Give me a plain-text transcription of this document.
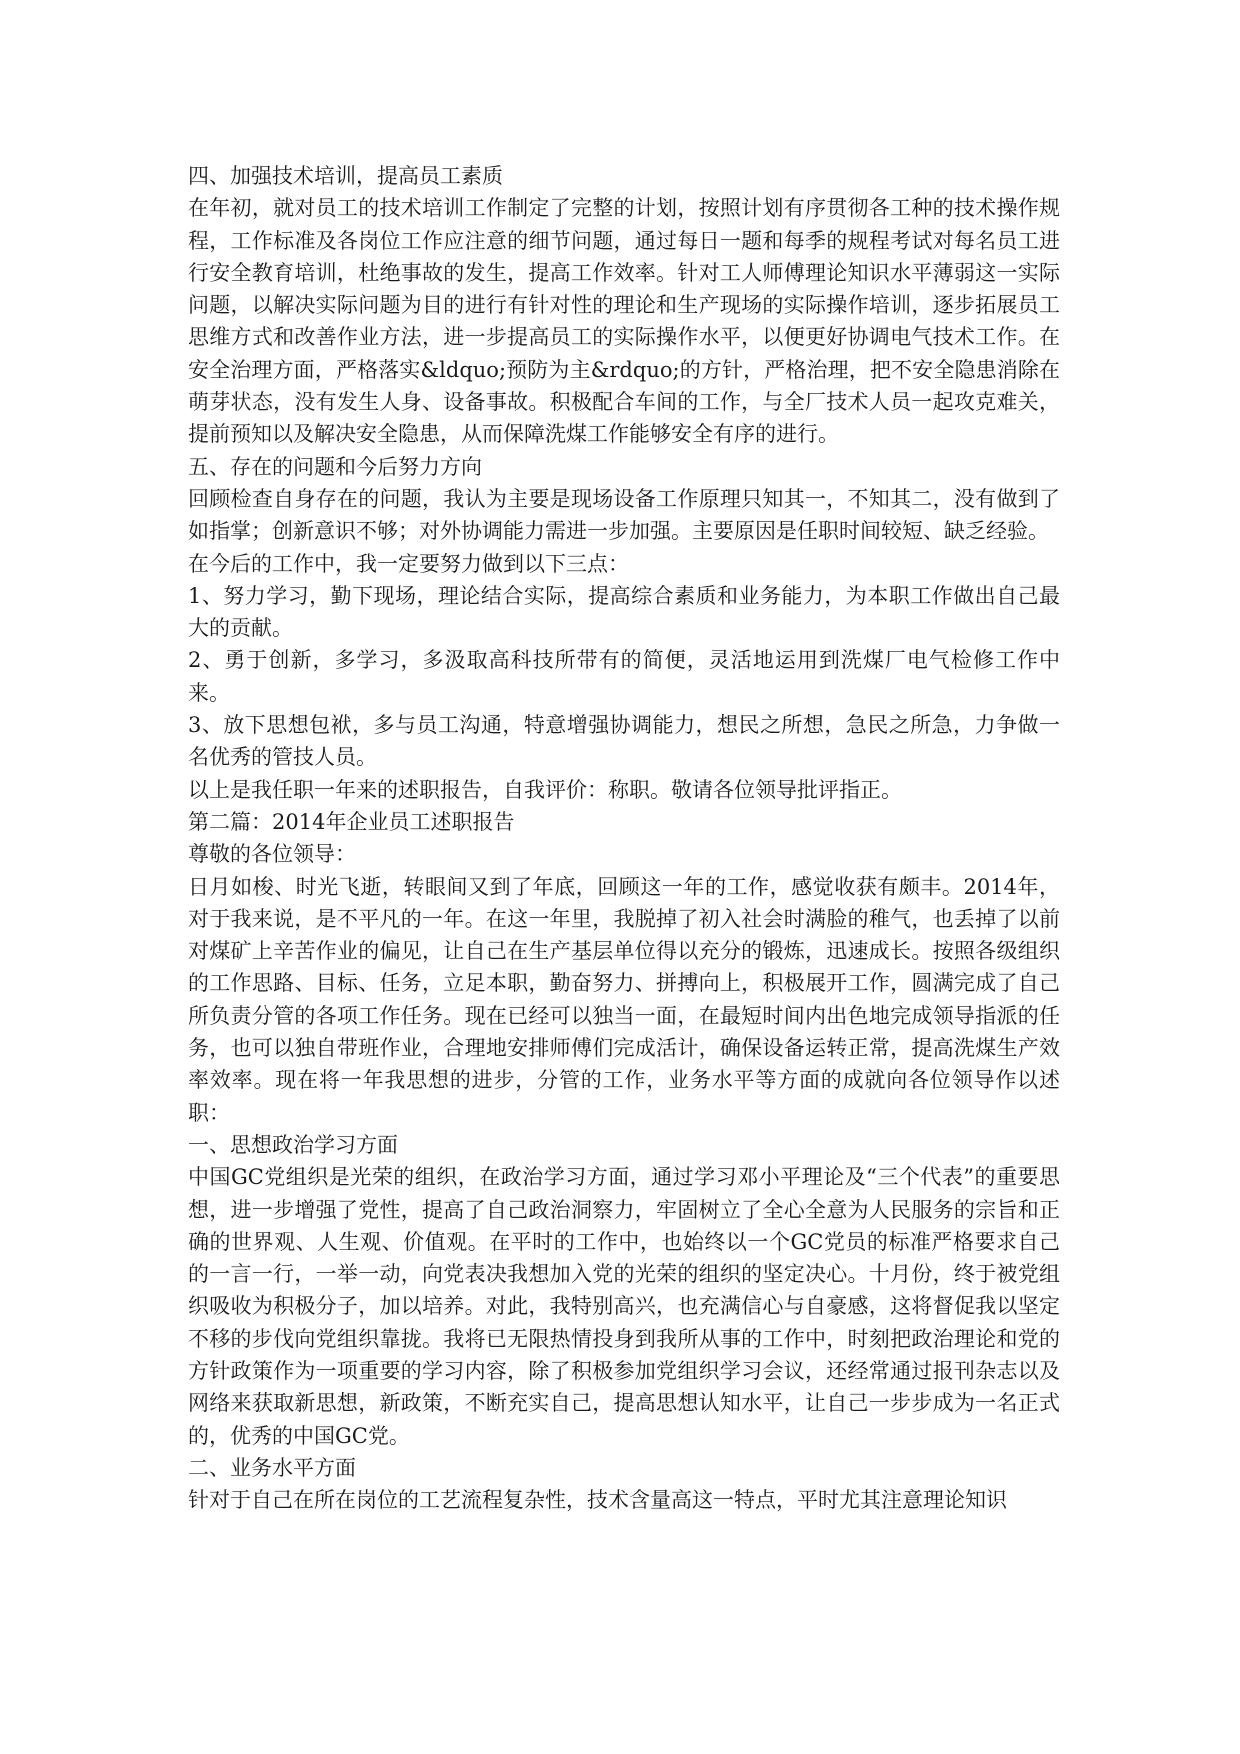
四、加强技术培训，提高员工素质

在年初，就对员工的技术培训工作制定了完整的计划，按照计划有序贯彻各工种的技术操作规程，工作标准及各岗位工作应注意的细节问题，通过每日一题和每季的规程考试对每名员工进行安全教育培训，杜绝事故的发生，提高工作效率。针对工人师傅理论知识水平薄弱这一实际问题，以解决实际问题为目的进行有针对性的理论和生产现场的实际操作培训，逐步拓展员工思维方式和改善作业方法，进一步提高员工的实际操作水平，以便更好协调电气技术工作。在安全治理方面，严格落实&ldquo;预防为主&rdquo;的方针，严格治理，把不安全隐患消除在萌芽状态，没有发生人身、设备事故。积极配合车间的工作，与全厂技术人员一起攻克难关，提前预知以及解决安全隐患，从而保障洗煤工作能够安全有序的进行。

五、存在的问题和今后努力方向

回顾检查自身存在的问题，我认为主要是现场设备工作原理只知其一，不知其二，没有做到了如指掌；创新意识不够；对外协调能力需进一步加强。主要原因是任职时间较短、缺乏经验。

在今后的工作中，我一定要努力做到以下三点：

1、努力学习，勤下现场，理论结合实际，提高综合素质和业务能力，为本职工作做出自己最大的贡献。

2、勇于创新，多学习，多汲取高科技所带有的简便，灵活地运用到洗煤厂电气检修工作中来。

3、放下思想包袱，多与员工沟通，特意增强协调能力，想民之所想，急民之所急，力争做一名优秀的管技人员。

以上是我任职一年来的述职报告，自我评价：称职。敬请各位领导批评指正。

第二篇：2014年企业员工述职报告

尊敬的各位领导：

日月如梭、时光飞逝，转眼间又到了年底，回顾这一年的工作，感觉收获有颇丰。2014年，对于我来说，是不平凡的一年。在这一年里，我脱掉了初入社会时满脸的稚气，也丢掉了以前对煤矿上辛苦作业的偏见，让自己在生产基层单位得以充分的锻炼，迅速成长。按照各级组织的工作思路、目标、任务，立足本职，勤奋努力、拼搏向上，积极展开工作，圆满完成了自己所负责分管的各项工作任务。现在已经可以独当一面，在最短时间内出色地完成领导指派的任务，也可以独自带班作业，合理地安排师傅们完成活计，确保设备运转正常，提高洗煤生产效率效率。现在将一年我思想的进步，分管的工作，业务水平等方面的成就向各位领导作以述职：

一、思想政治学习方面

中国GC党组织是光荣的组织，在政治学习方面，通过学习邓小平理论及“三个代表”的重要思想，进一步增强了党性，提高了自己政治洞察力，牢固树立了全心全意为人民服务的宗旨和正确的世界观、人生观、价值观。在平时的工作中，也始终以一个GC党员的标准严格要求自己的一言一行，一举一动，向党表决我想加入党的光荣的组织的坚定决心。十月份，终于被党组织吸收为积极分子，加以培养。对此，我特别高兴，也充满信心与自豪感，这将督促我以坚定不移的步伐向党组织靠拢。我将已无限热情投身到我所从事的工作中，时刻把政治理论和党的方针政策作为一项重要的学习内容，除了积极参加党组织学习会议，还经常通过报刊杂志以及网络来获取新思想，新政策，不断充实自己，提高思想认知水平，让自己一步步成为一名正式的，优秀的中国GC党。

二、业务水平方面

针对于自己在所在岗位的工艺流程复杂性，技术含量高这一特点，平时尤其注意理论知识
